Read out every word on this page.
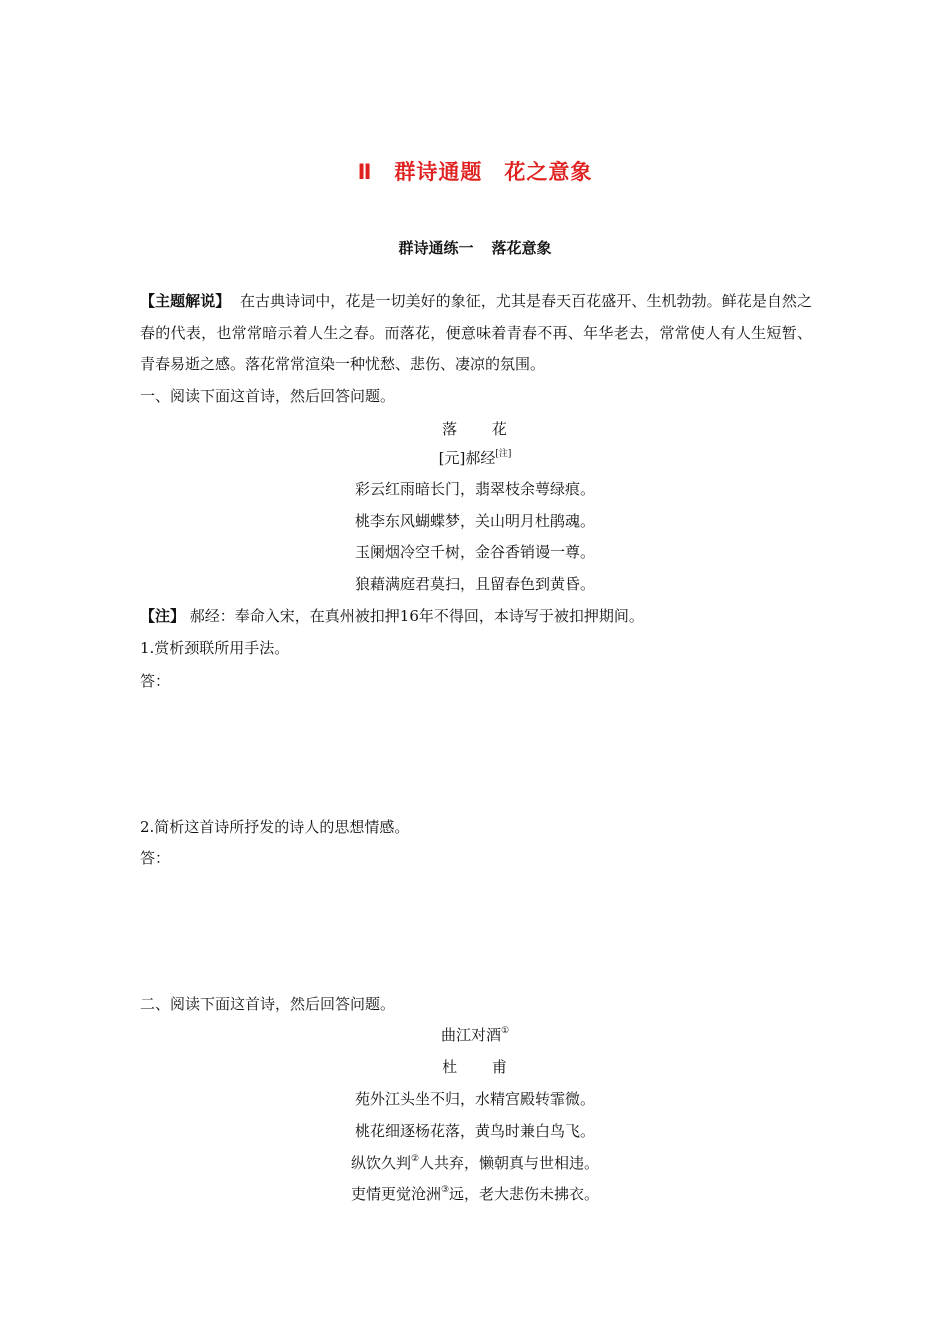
Ⅱ 群诗通题 花之意象
群诗通练一 落花意象
【主题解说】 在古典诗词中，花是一切美好的象征，尤其是春天百花盛开、生机勃勃。鲜花是自然之春的代表，也常常暗示着人生之春。而落花，便意味着青春不再、年华老去，常常使人有人生短暂、青春易逝之感。落花常常渲染一种忧愁、悲伤、凄凉的氛围。
一、阅读下面这首诗，然后回答问题。
落 花
[元]郝经[注]
彩云红雨暗长门，翡翠枝余萼绿痕。
桃李东风蝴蝶梦，关山明月杜鹃魂。
玉阑烟冷空千树，金谷香销谩一尊。
狼藉满庭君莫扫，且留春色到黄昏。
【注】 郝经：奉命入宋，在真州被扣押16年不得回，本诗写于被扣押期间。
1.赏析颈联所用手法。
答：
2.简析这首诗所抒发的诗人的思想情感。
答：
二、阅读下面这首诗，然后回答问题。
曲江对酒①
杜 甫
苑外江头坐不归，水精宫殿转霏微。
桃花细逐杨花落，黄鸟时兼白鸟飞。
纵饮久判②人共弃，懒朝真与世相违。
吏情更觉沧洲③远，老大悲伤未拂衣。
